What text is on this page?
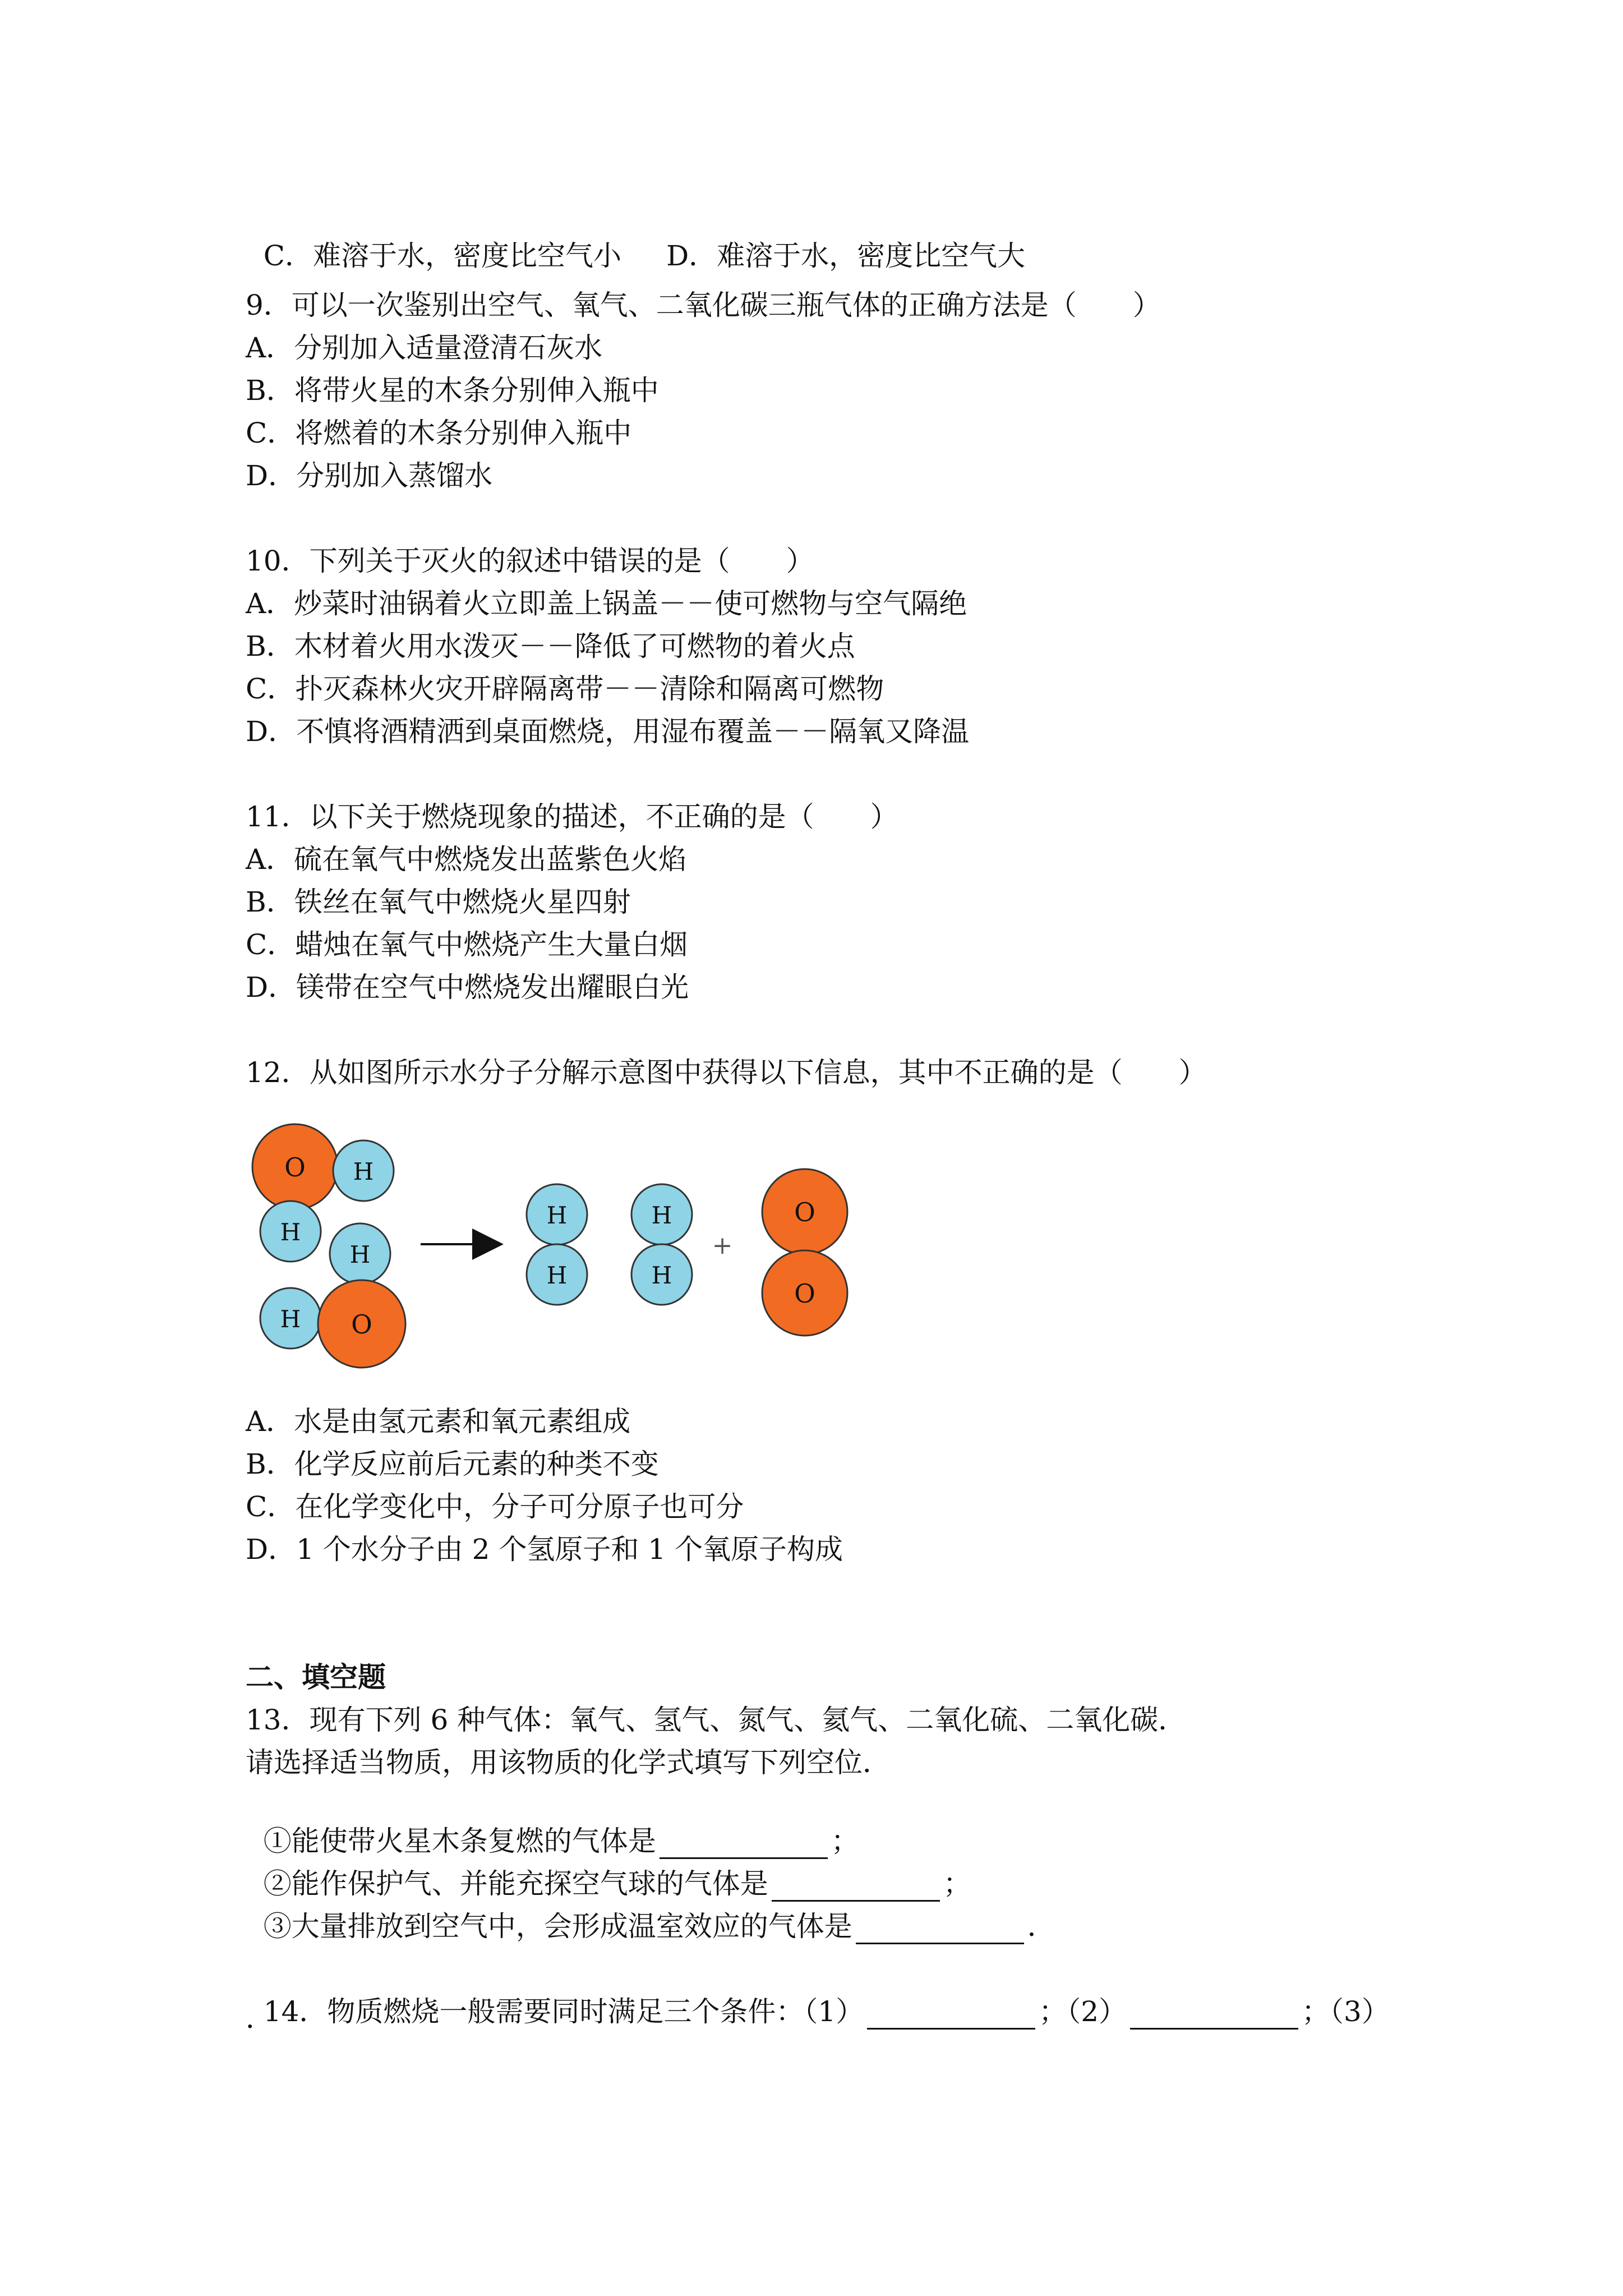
C．难溶于水，密度比空气小 D．难溶于水，密度比空气大

9．可以一次鉴别出空气、氧气、二氧化碳三瓶气体的正确方法是（　　）
A．分别加入适量澄清石灰水
B．将带火星的木条分别伸入瓶中
C．将燃着的木条分别伸入瓶中
D．分别加入蒸馏水
10．下列关于灭火的叙述中错误的是（　　）
A．炒菜时油锅着火立即盖上锅盖－－使可燃物与空气隔绝
B．木材着火用水泼灭－－降低了可燃物的着火点
C．扑灭森林火灾开辟隔离带－－清除和隔离可燃物
D．不慎将酒精洒到桌面燃烧，用湿布覆盖－－隔氧又降温
11．以下关于燃烧现象的描述，不正确的是（　　）
A．硫在氧气中燃烧发出蓝紫色火焰
B．铁丝在氧气中燃烧火星四射
C．蜡烛在氧气中燃烧产生大量白烟
D．镁带在空气中燃烧发出耀眼白光
12．从如图所示水分子分解示意图中获得以下信息，其中不正确的是（　　）
O H
H
H
H O
H
H
H
H
+
O
O
A．水是由氢元素和氧元素组成
B．化学反应前后元素的种类不变
C．在化学变化中，分子可分原子也可分
D．1 个水分子由 2 个氢原子和 1 个氧原子构成
二、填空题
13．现有下列 6 种气体：氧气、氢气、氮气、氦气、二氧化硫、二氧化碳．
请选择适当物质，用该物质的化学式填写下列空位．

①能使带火星木条复燃的气体是	；

②能作保护气、并能充探空气球的气体是	；

③大量排放到空气中，会形成温室效应的气体是	．

14．物质燃烧一般需要同时满足三个条件：（1）	；（2）	；（3）

．
